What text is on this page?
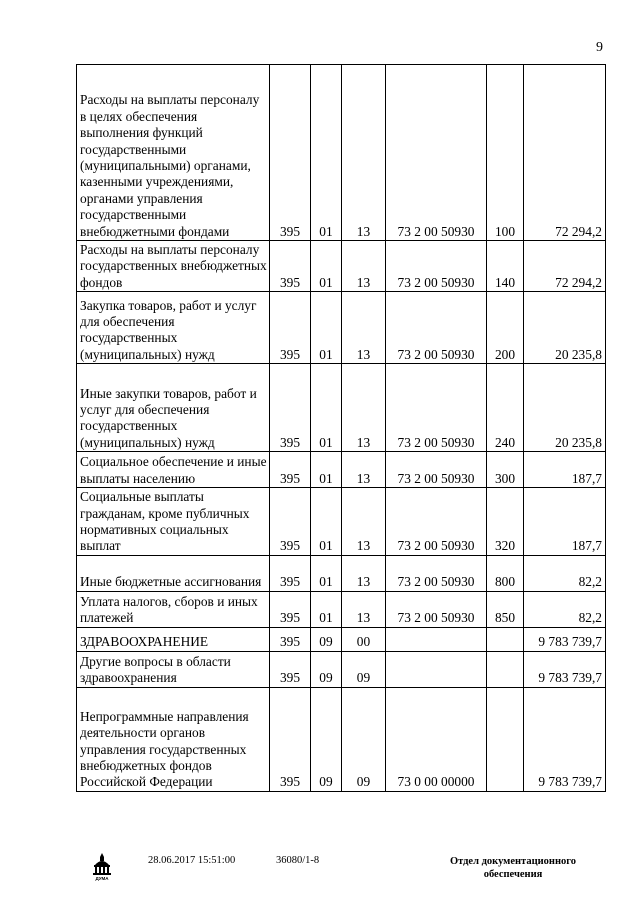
9
Расходы на выплаты персоналу в целях обеспечения выполнения функций государственными (муниципальными) органами, казенными учреждениями, органами управления государственными внебюджетными фондами	395	01	13	73 2 00 50930	100	72 294,2
Расходы на выплаты персоналу государственных внебюджетных фондов	395	01	13	73 2 00 50930	140	72 294,2
Закупка товаров, работ и услуг для обеспечения государственных (муниципальных) нужд	395	01	13	73 2 00 50930	200	20 235,8
Иные закупки товаров, работ и услуг для обеспечения государственных (муниципальных) нужд	395	01	13	73 2 00 50930	240	20 235,8
Социальное обеспечение и иные выплаты населению	395	01	13	73 2 00 50930	300	187,7
Социальные выплаты гражданам, кроме публичных нормативных социальных выплат	395	01	13	73 2 00 50930	320	187,7
Иные бюджетные ассигнования	395	01	13	73 2 00 50930	800	82,2
Уплата налогов, сборов и иных платежей	395	01	13	73 2 00 50930	850	82,2
ЗДРАВООХРАНЕНИЕ	395	09	00			9 783 739,7
Другие вопросы в области здравоохранения	395	09	09			9 783 739,7
Непрограммные направления деятельности органов управления государственных внебюджетных фондов Российской Федерации	395	09	09	73 0 00 00000		9 783 739,7
ДУМА
28.06.2017 15:51:00	36080/1-8	Отдел документационного обеспечения
